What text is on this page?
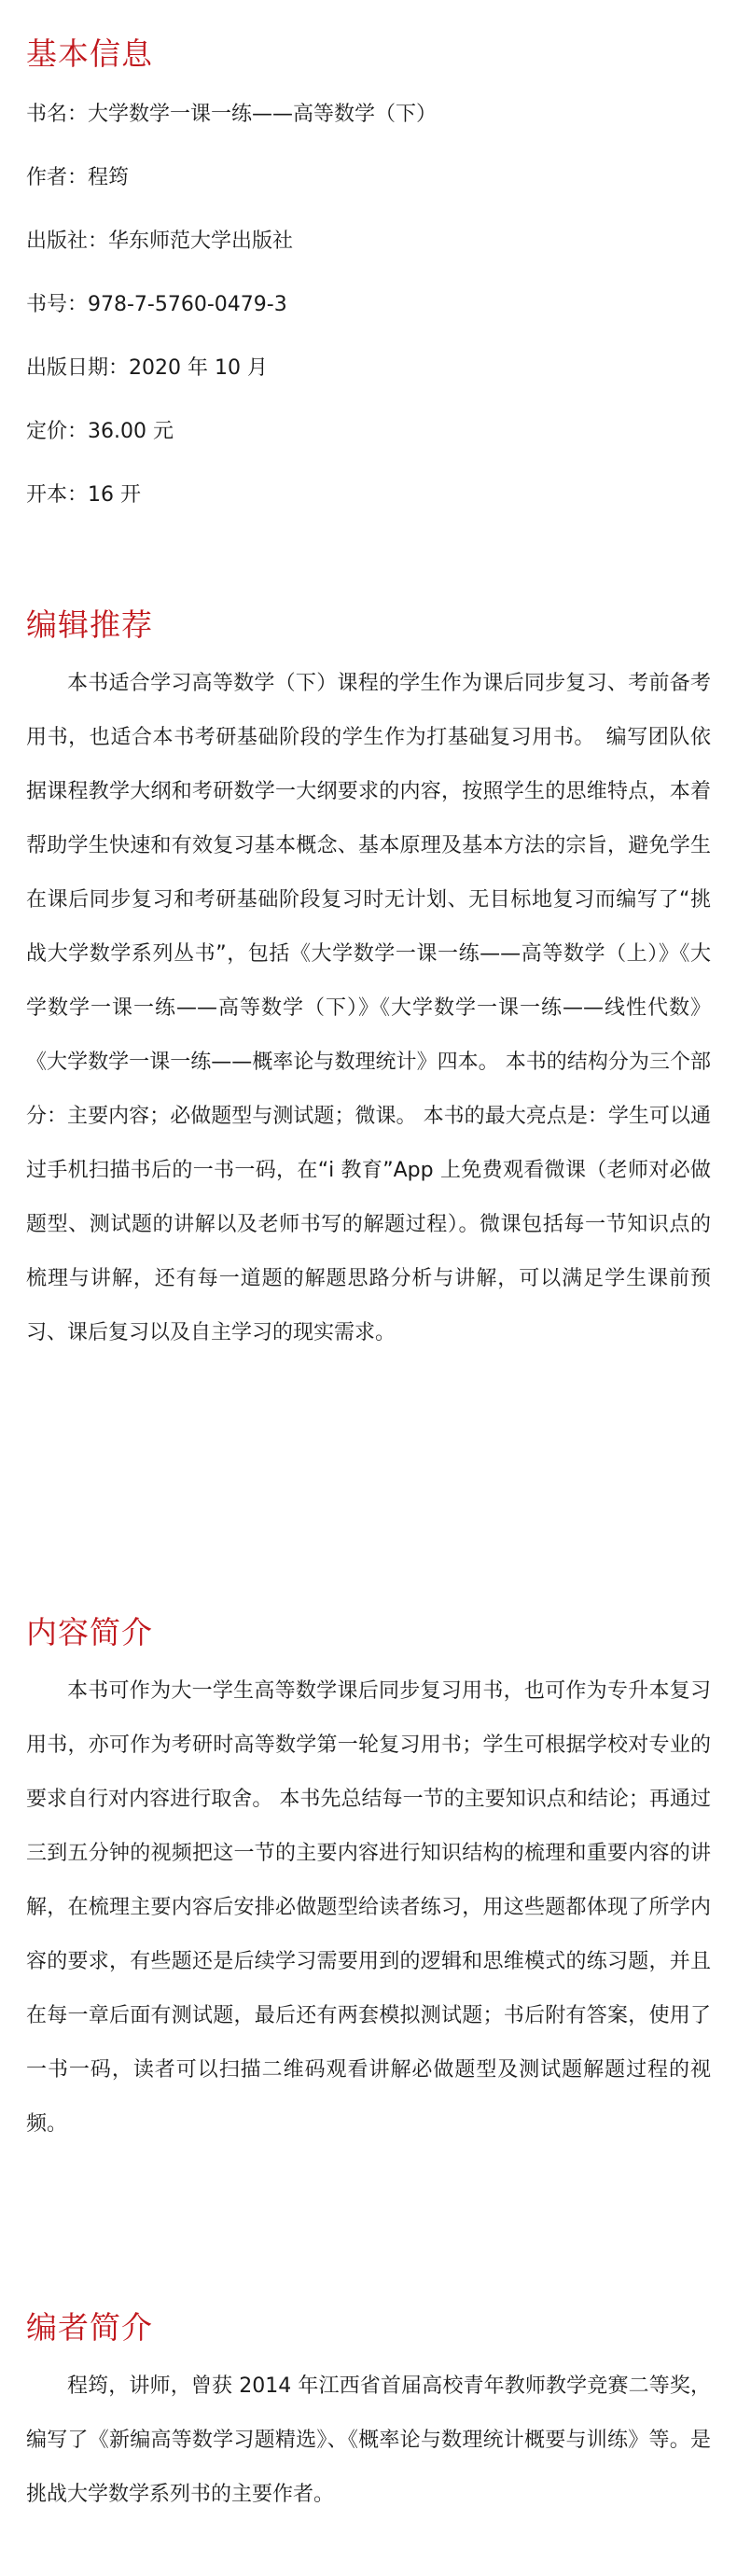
基本信息

书名：大学数学一课一练——高等数学（下）

作者：程筠

出版社：华东师范大学出版社

书号：978-7-5760-0479-3

出版日期：2020 年 10 月

定价：36.00 元

开本：16 开

编辑推荐

本书适合学习高等数学（下）课程的学生作为课后同步复习、考前备考用书，也适合本书考研基础阶段的学生作为打基础复习用书。　编写团队依据课程教学大纲和考研数学一大纲要求的内容，按照学生的思维特点，本着帮助学生快速和有效复习基本概念、基本原理及基本方法的宗旨，避免学生在课后同步复习和考研基础阶段复习时无计划、无目标地复习而编写了“挑战大学数学系列丛书”，包括《大学数学一课一练——高等数学（上）》《大学数学一课一练——高等数学（下）》《大学数学一课一练——线性代数》《大学数学一课一练——概率论与数理统计》四本。 本书的结构分为三个部分：主要内容；必做题型与测试题；微课。 本书的最大亮点是：学生可以通过手机扫描书后的一书一码，在“i 教育”App 上免费观看微课（老师对必做题型、测试题的讲解以及老师书写的解题过程）。微课包括每一节知识点的梳理与讲解，还有每一道题的解题思路分析与讲解，可以满足学生课前预习、课后复习以及自主学习的现实需求。

内容简介

本书可作为大一学生高等数学课后同步复习用书，也可作为专升本复习用书，亦可作为考研时高等数学第一轮复习用书；学生可根据学校对专业的要求自行对内容进行取舍。 本书先总结每一节的主要知识点和结论；再通过三到五分钟的视频把这一节的主要内容进行知识结构的梳理和重要内容的讲解，在梳理主要内容后安排必做题型给读者练习，用这些题都体现了所学内容的要求，有些题还是后续学习需要用到的逻辑和思维模式的练习题，并且在每一章后面有测试题，最后还有两套模拟测试题；书后附有答案，使用了一书一码，读者可以扫描二维码观看讲解必做题型及测试题解题过程的视频。

编者简介

程筠，讲师，曾获 2014 年江西省首届高校青年教师教学竞赛二等奖，编写了《新编高等数学习题精选》、《概率论与数理统计概要与训练》等。是挑战大学数学系列书的主要作者。
